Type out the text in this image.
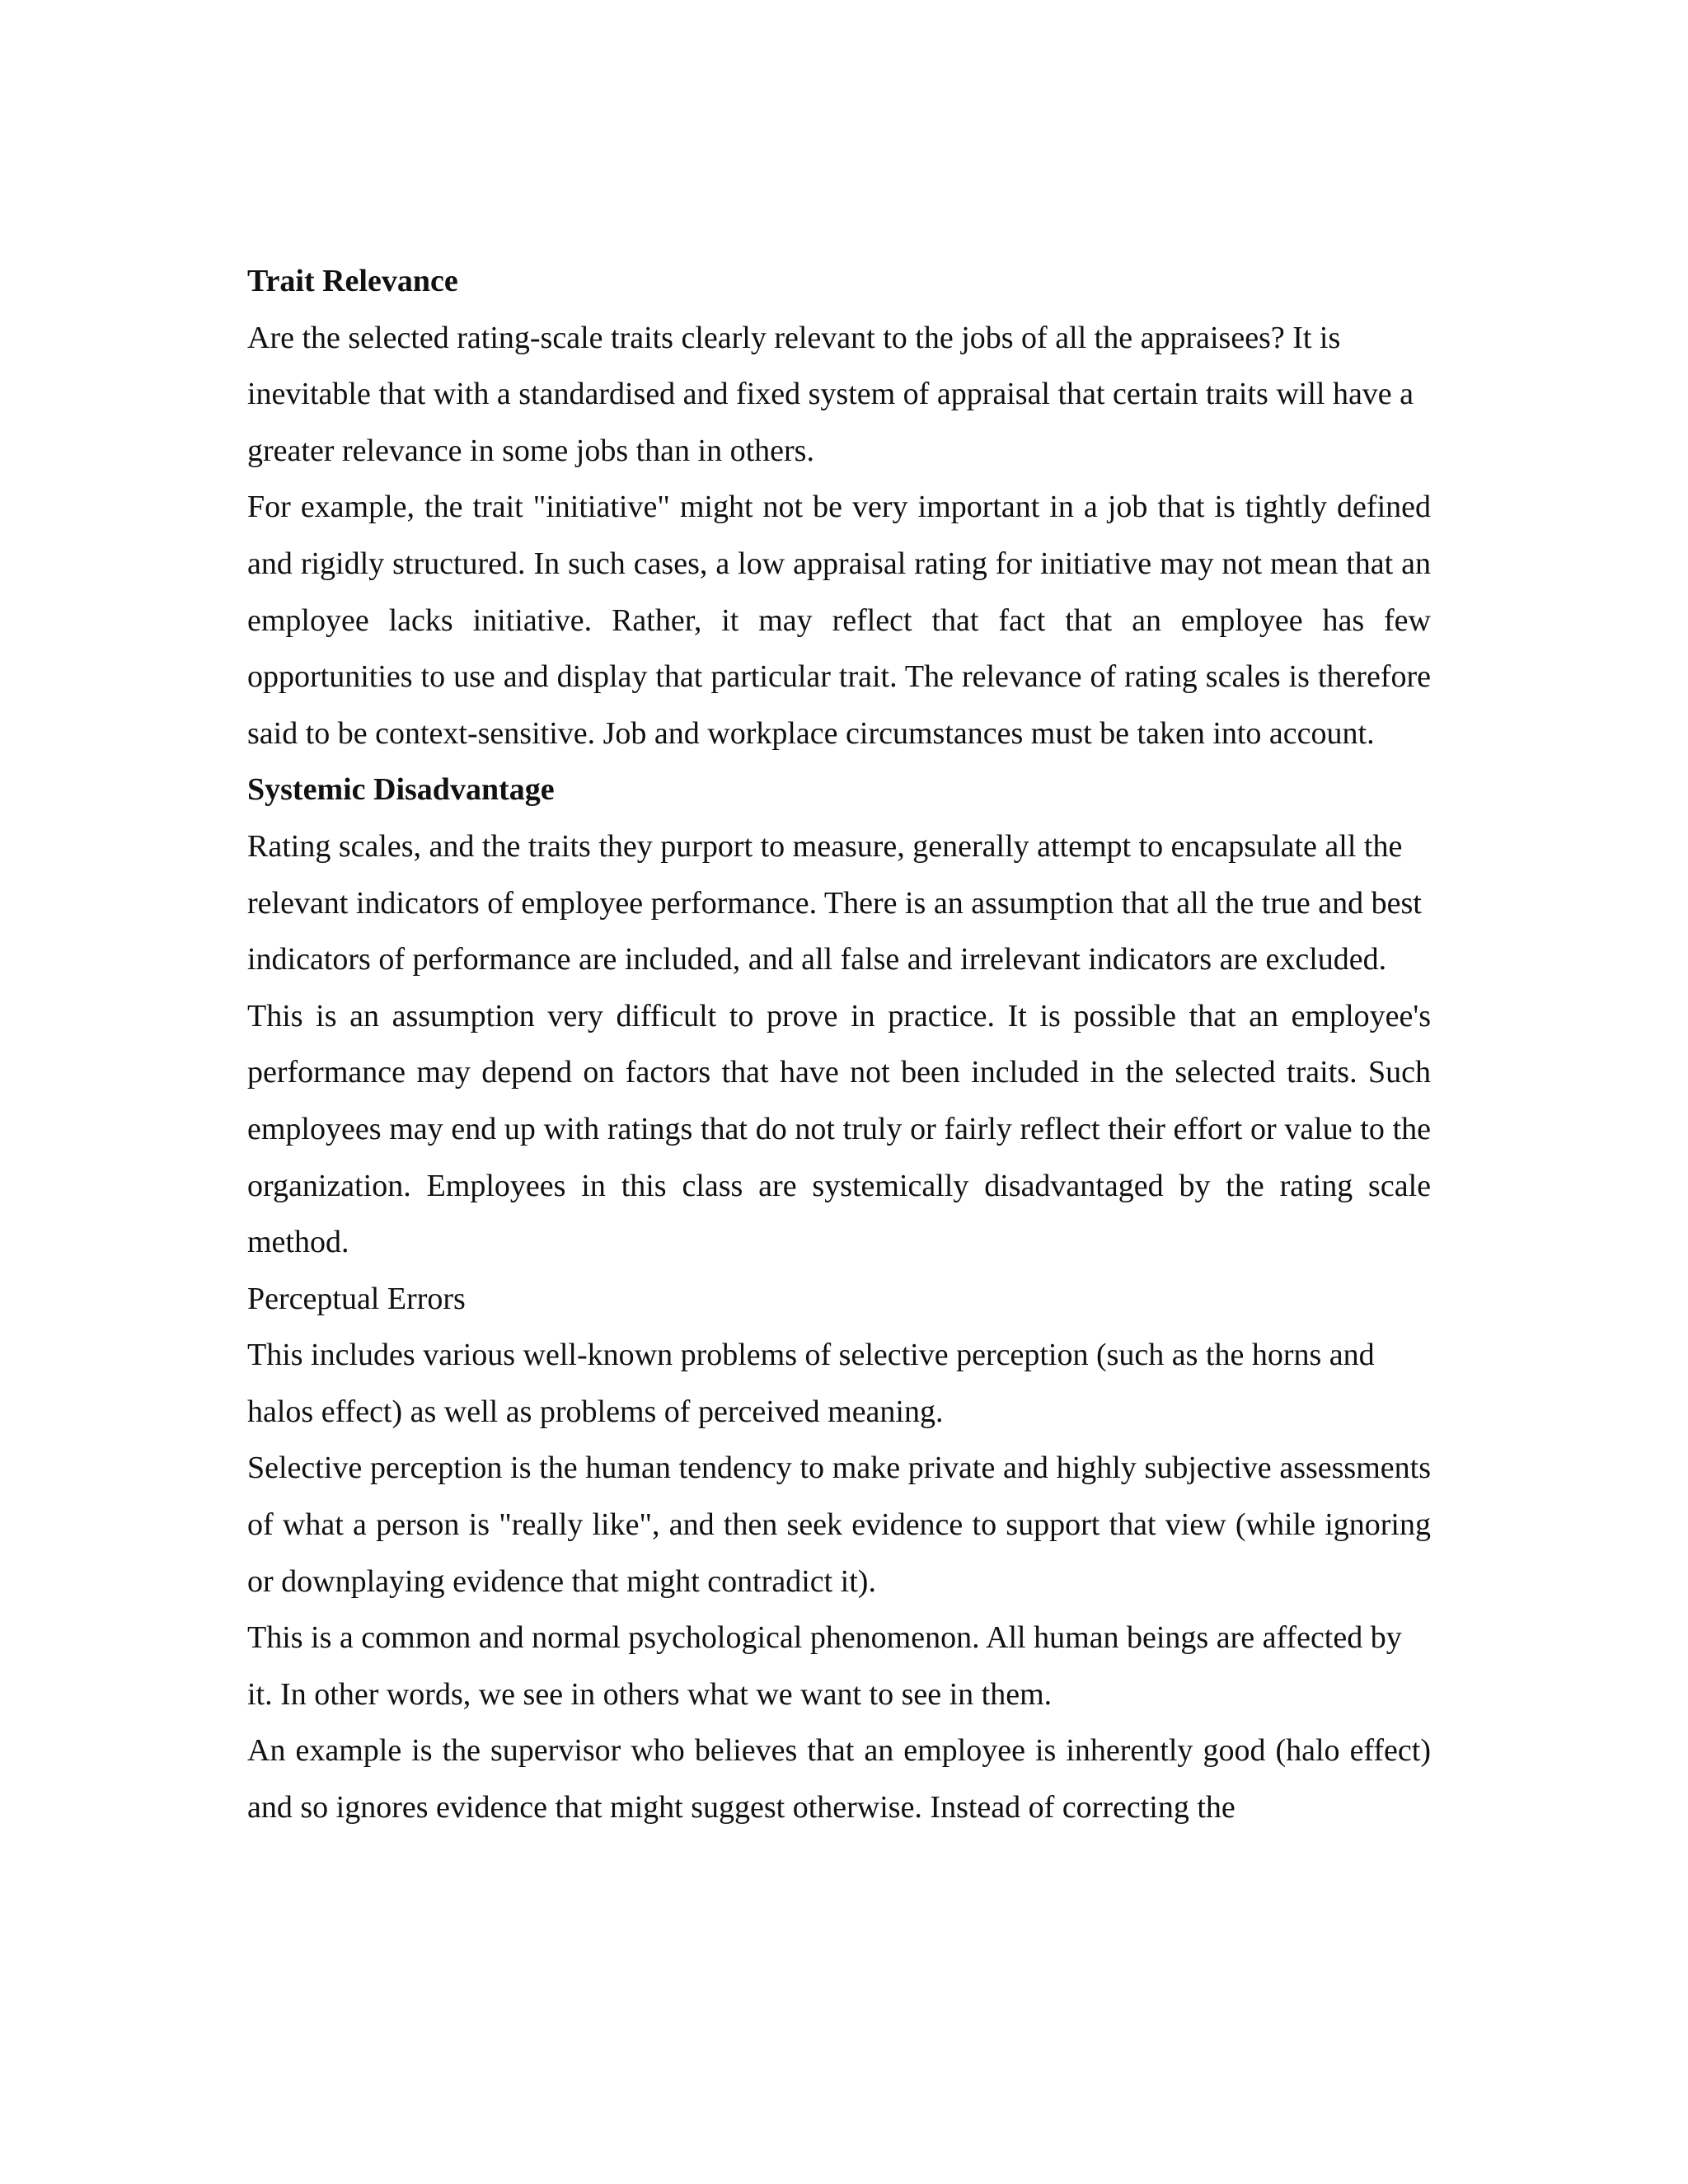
Trait Relevance

Are the selected rating-scale traits clearly relevant to the jobs of all the appraisees? It is inevitable that with a standardised and fixed system of appraisal that certain traits will have a greater relevance in some jobs than in others.

For example, the trait "initiative" might not be very important in a job that is tightly defined and rigidly structured. In such cases, a low appraisal rating for initiative may not mean that an employee lacks initiative. Rather, it may reflect that fact that an employee has few opportunities to use and display that particular trait. The relevance of rating scales is therefore said to be context-sensitive. Job and workplace circumstances must be taken into account.

Systemic Disadvantage

Rating scales, and the traits they purport to measure, generally attempt to encapsulate all the relevant indicators of employee performance. There is an assumption that all the true and best indicators of performance are included, and all false and irrelevant indicators are excluded.

This is an assumption very difficult to prove in practice. It is possible that an employee's performance may depend on factors that have not been included in the selected traits. Such employees may end up with ratings that do not truly or fairly reflect their effort or value to the organization. Employees in this class are systemically disadvantaged by the rating scale method.

Perceptual Errors

This includes various well-known problems of selective perception (such as the horns and halos effect) as well as problems of perceived meaning.

Selective perception is the human tendency to make private and highly subjective assessments of what a person is "really like", and then seek evidence to support that view (while ignoring or downplaying evidence that might contradict it).

This is a common and normal psychological phenomenon. All human beings are affected by it. In other words, we see in others what we want to see in them.

An example is the supervisor who believes that an employee is inherently good (halo effect) and so ignores evidence that might suggest otherwise. Instead of correcting the
